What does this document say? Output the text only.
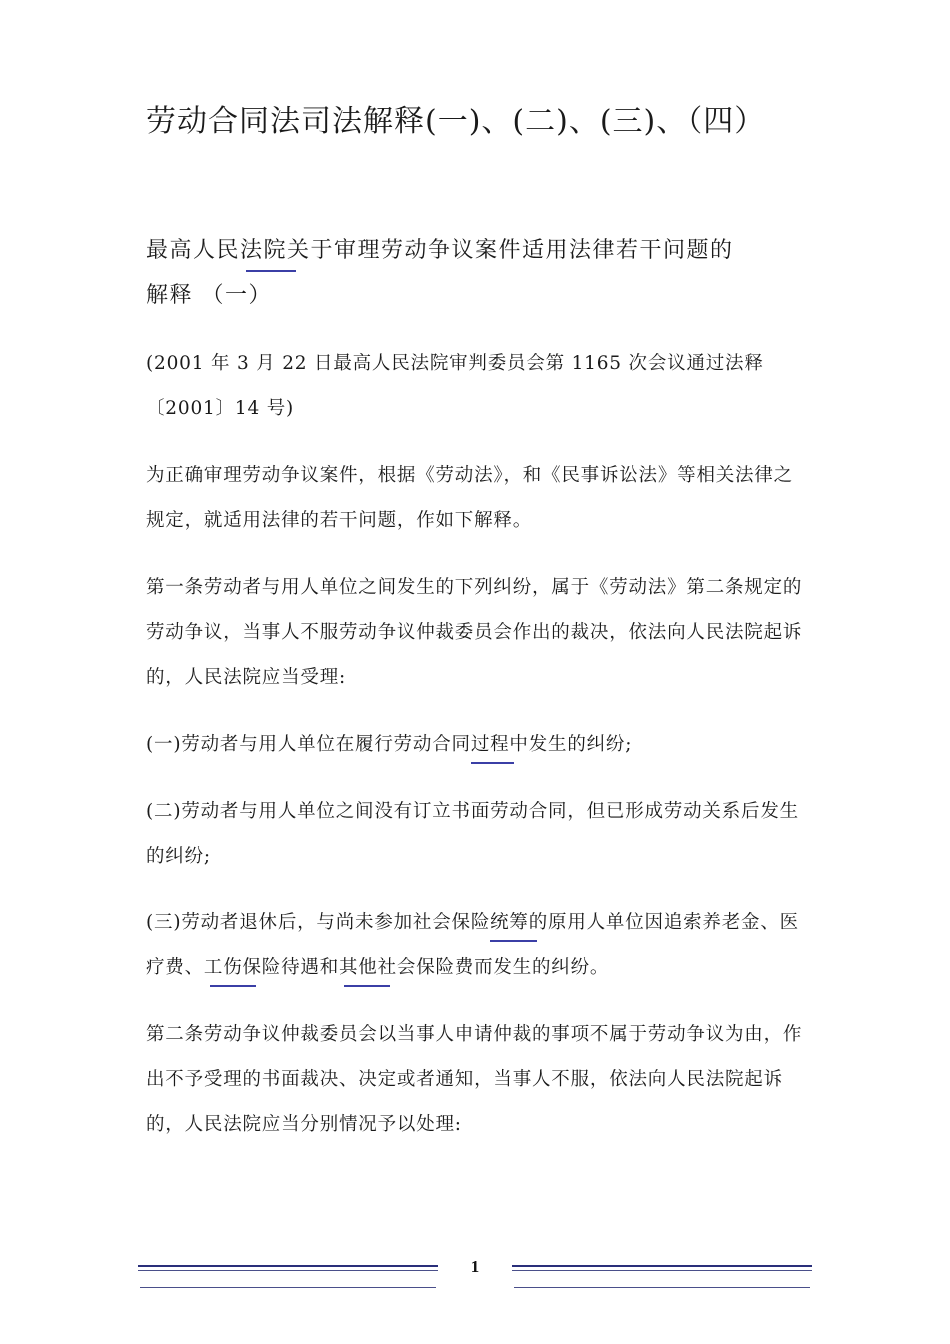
劳动合同法司法解释(一)、(二)、(三)、（四）
最高人民法院关于审理劳动争议案件适用法律若干问题的
解释 （一）

(2001 年 3 月 22 日最高人民法院审判委员会第 1165 次会议通过法释〔2001〕14 号)

为正确审理劳动争议案件，根据《劳动法》，和《民事诉讼法》等相关法律之规定，就适用法律的若干问题，作如下解释。

第一条劳动者与用人单位之间发生的下列纠纷，属于《劳动法》第二条规定的劳动争议，当事人不服劳动争议仲裁委员会作出的裁决，依法向人民法院起诉的，人民法院应当受理:

(一)劳动者与用人单位在履行劳动合同过程中发生的纠纷;

(二)劳动者与用人单位之间没有订立书面劳动合同，但已形成劳动关系后发生的纠纷;

(三)劳动者退休后，与尚未参加社会保险统筹的原用人单位因追索养老金、医疗费、工伤保险待遇和其他社会保险费而发生的纠纷。

第二条劳动争议仲裁委员会以当事人申请仲裁的事项不属于劳动争议为由，作出不予受理的书面裁决、决定或者通知，当事人不服，依法向人民法院起诉的，人民法院应当分别情况予以处理:

1
